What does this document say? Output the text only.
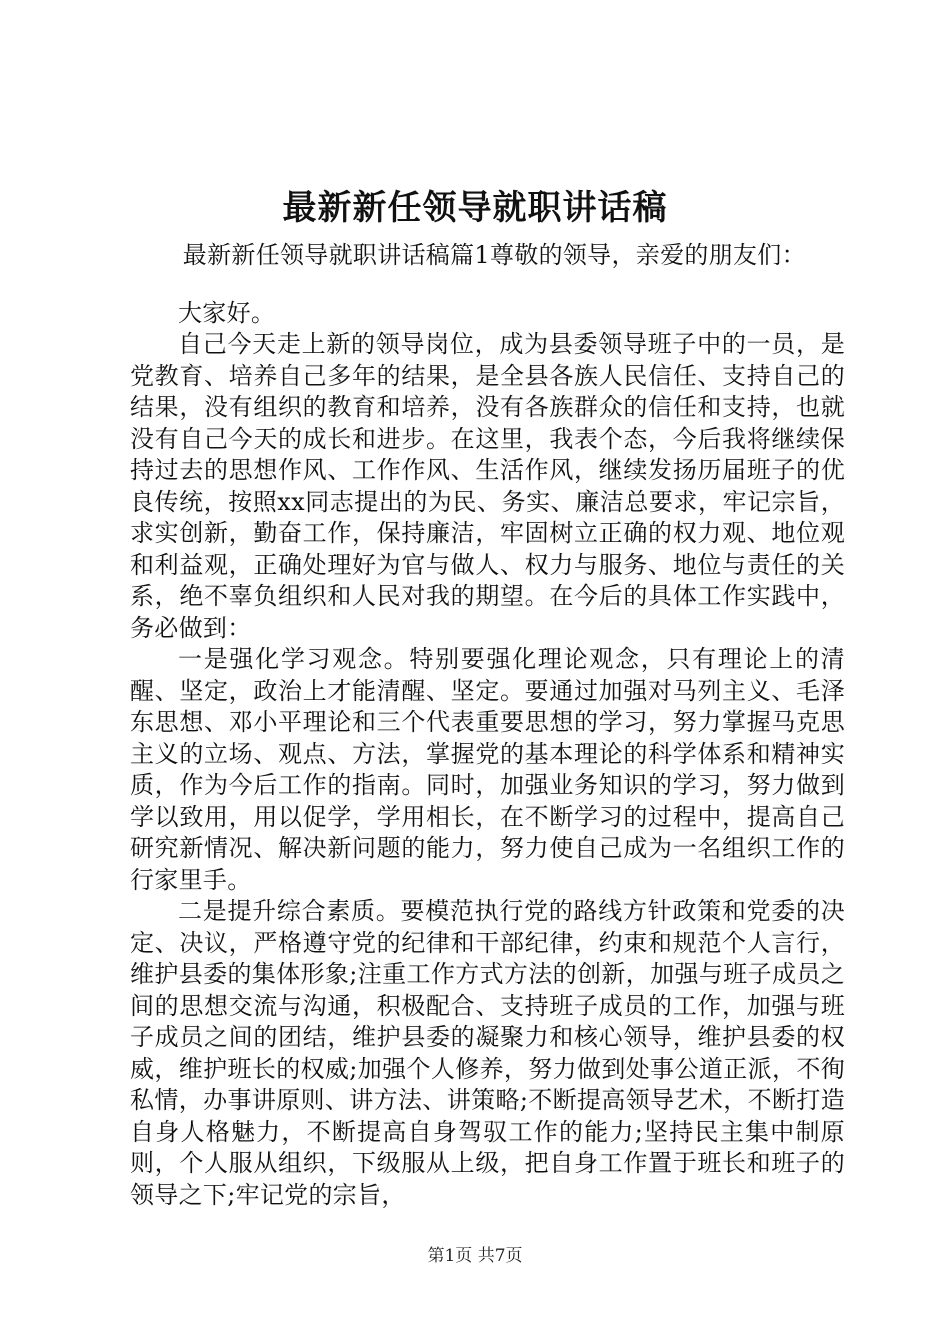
最新新任领导就职讲话稿

最新新任领导就职讲话稿篇1尊敬的领导，亲爱的朋友们：

大家好。

自己今天走上新的领导岗位，成为县委领导班子中的一员，是党教育、培养自己多年的结果，是全县各族人民信任、支持自己的结果，没有组织的教育和培养，没有各族群众的信任和支持，也就没有自己今天的成长和进步。在这里，我表个态，今后我将继续保持过去的思想作风、工作作风、生活作风，继续发扬历届班子的优良传统，按照xx同志提出的为民、务实、廉洁总要求，牢记宗旨，求实创新，勤奋工作，保持廉洁，牢固树立正确的权力观、地位观和利益观，正确处理好为官与做人、权力与服务、地位与责任的关系，绝不辜负组织和人民对我的期望。在今后的具体工作实践中，务必做到：

一是强化学习观念。特别要强化理论观念，只有理论上的清醒、坚定，政治上才能清醒、坚定。要通过加强对马列主义、毛泽东思想、邓小平理论和三个代表重要思想的学习，努力掌握马克思主义的立场、观点、方法，掌握党的基本理论的科学体系和精神实质，作为今后工作的指南。同时，加强业务知识的学习，努力做到学以致用，用以促学，学用相长，在不断学习的过程中，提高自己研究新情况、解决新问题的能力，努力使自己成为一名组织工作的行家里手。

二是提升综合素质。要模范执行党的路线方针政策和党委的决定、决议，严格遵守党的纪律和干部纪律，约束和规范个人言行，维护县委的集体形象;注重工作方式方法的创新，加强与班子成员之间的思想交流与沟通，积极配合、支持班子成员的工作，加强与班子成员之间的团结，维护县委的凝聚力和核心领导，维护县委的权威，维护班长的权威;加强个人修养，努力做到处事公道正派，不徇私情，办事讲原则、讲方法、讲策略;不断提高领导艺术，不断打造自身人格魅力，不断提高自身驾驭工作的能力;坚持民主集中制原则，个人服从组织，下级服从上级，把自身工作置于班长和班子的领导之下;牢记党的宗旨，

第1页 共7页
